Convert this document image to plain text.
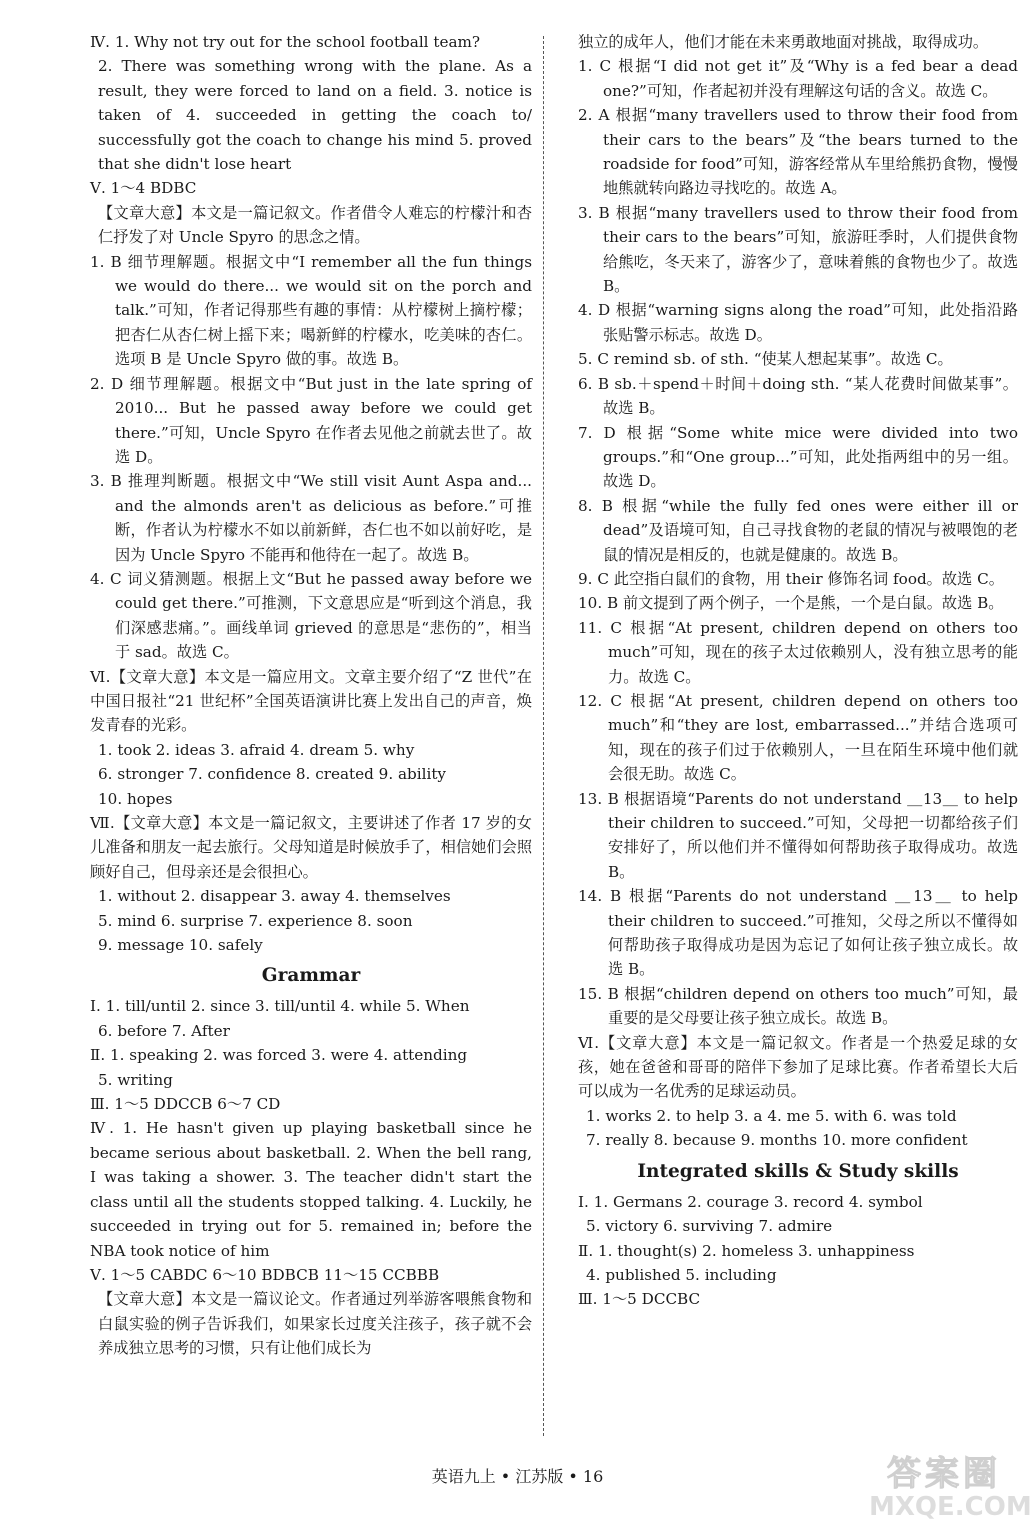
Ⅳ. 1. Why not try out for the school football team?
2. There was something wrong with the plane. As a result, they were forced to land on a field. 3. notice is taken of 4. succeeded in getting the coach to/ successfully got the coach to change his mind 5. proved that she didn't lose heart
Ⅴ. 1～4 BDBC
【文章大意】本文是一篇记叙文。作者借令人难忘的柠檬汁和杏仁抒发了对 Uncle Spyro 的思念之情。
1. B 细节理解题。根据文中“I remember all the fun things we would do there... we would sit on the porch and talk.”可知，作者记得那些有趣的事情：从柠檬树上摘柠檬；把杏仁从杏仁树上摇下来；喝新鲜的柠檬水，吃美味的杏仁。选项 B 是 Uncle Spyro 做的事。故选 B。
2. D 细节理解题。根据文中“But just in the late spring of 2010... But he passed away before we could get there.”可知，Uncle Spyro 在作者去见他之前就去世了。故选 D。
3. B 推理判断题。根据文中“We still visit Aunt Aspa and... and the almonds aren't as delicious as before.”可推断，作者认为柠檬水不如以前新鲜，杏仁也不如以前好吃，是因为 Uncle Spyro 不能再和他待在一起了。故选 B。
4. C 词义猜测题。根据上文“But he passed away before we could get there.”可推测，下文意思应是“听到这个消息，我们深感悲痛。”。画线单词 grieved 的意思是“悲伤的”，相当于 sad。故选 C。
Ⅵ.【文章大意】本文是一篇应用文。文章主要介绍了“Z 世代”在中国日报社“21 世纪杯”全国英语演讲比赛上发出自己的声音，焕发青春的光彩。
1. took 2. ideas 3. afraid 4. dream 5. why
6. stronger 7. confidence 8. created 9. ability
10. hopes
Ⅶ.【文章大意】本文是一篇记叙文，主要讲述了作者 17 岁的女儿准备和朋友一起去旅行。父母知道是时候放手了，相信她们会照顾好自己，但母亲还是会很担心。
1. without 2. disappear 3. away 4. themselves
5. mind 6. surprise 7. experience 8. soon
9. message 10. safely
Grammar
Ⅰ. 1. till/until 2. since 3. till/until 4. while 5. When
6. before 7. After
Ⅱ. 1. speaking 2. was forced 3. were 4. attending
5. writing
Ⅲ. 1～5 DDCCB 6～7 CD
Ⅳ. 1. He hasn't given up playing basketball since he became serious about basketball. 2. When the bell rang, I was taking a shower. 3. The teacher didn't start the class until all the students stopped talking. 4. Luckily, he succeeded in trying out for 5. remained in; before the NBA took notice of him
Ⅴ. 1～5 CABDC 6～10 BDBCB 11～15 CCBBB
【文章大意】本文是一篇议论文。作者通过列举游客喂熊食物和白鼠实验的例子告诉我们，如果家长过度关注孩子，孩子就不会养成独立思考的习惯，只有让他们成长为
独立的成年人，他们才能在未来勇敢地面对挑战，取得成功。
1. C 根据“I did not get it”及“Why is a fed bear a dead one?”可知，作者起初并没有理解这句话的含义。故选 C。
2. A 根据“many travellers used to throw their food from their cars to the bears”及“the bears turned to the roadside for food”可知，游客经常从车里给熊扔食物，慢慢地熊就转向路边寻找吃的。故选 A。
3. B 根据“many travellers used to throw their food from their cars to the bears”可知，旅游旺季时，人们提供食物给熊吃，冬天来了，游客少了，意味着熊的食物也少了。故选 B。
4. D 根据“warning signs along the road”可知，此处指沿路张贴警示标志。故选 D。
5. C remind sb. of sth. “使某人想起某事”。故选 C。
6. B sb.＋spend＋时间＋doing sth. “某人花费时间做某事”。故选 B。
7. D 根据“Some white mice were divided into two groups.”和“One group...”可知，此处指两组中的另一组。故选 D。
8. B 根据“while the fully fed ones were either ill or dead”及语境可知，自己寻找食物的老鼠的情况与被喂饱的老鼠的情况是相反的，也就是健康的。故选 B。
9. C 此空指白鼠们的食物，用 their 修饰名词 food。故选 C。
10. B 前文提到了两个例子，一个是熊，一个是白鼠。故选 B。
11. C 根据“At present, children depend on others too much”可知，现在的孩子太过依赖别人，没有独立思考的能力。故选 C。
12. C 根据“At present, children depend on others too much”和“they are lost, embarrassed...”并结合选项可知，现在的孩子们过于依赖别人，一旦在陌生环境中他们就会很无助。故选 C。
13. B 根据语境“Parents do not understand ＿13＿ to help their children to succeed.”可知，父母把一切都给孩子们安排好了，所以他们并不懂得如何帮助孩子取得成功。故选 B。
14. B 根据“Parents do not understand ＿13＿ to help their children to succeed.”可推知，父母之所以不懂得如何帮助孩子取得成功是因为忘记了如何让孩子独立成长。故选 B。
15. B 根据“children depend on others too much”可知，最重要的是父母要让孩子独立成长。故选 B。
Ⅵ.【文章大意】本文是一篇记叙文。作者是一个热爱足球的女孩，她在爸爸和哥哥的陪伴下参加了足球比赛。作者希望长大后可以成为一名优秀的足球运动员。
1. works 2. to help 3. a 4. me 5. with 6. was told
7. really 8. because 9. months 10. more confident
Integrated skills & Study skills
Ⅰ. 1. Germans 2. courage 3. record 4. symbol
5. victory 6. surviving 7. admire
Ⅱ. 1. thought(s) 2. homeless 3. unhappiness
4. published 5. including
Ⅲ. 1～5 DCCBC
英语九上 • 江苏版 • 16	答案圈
MXQE.COM
